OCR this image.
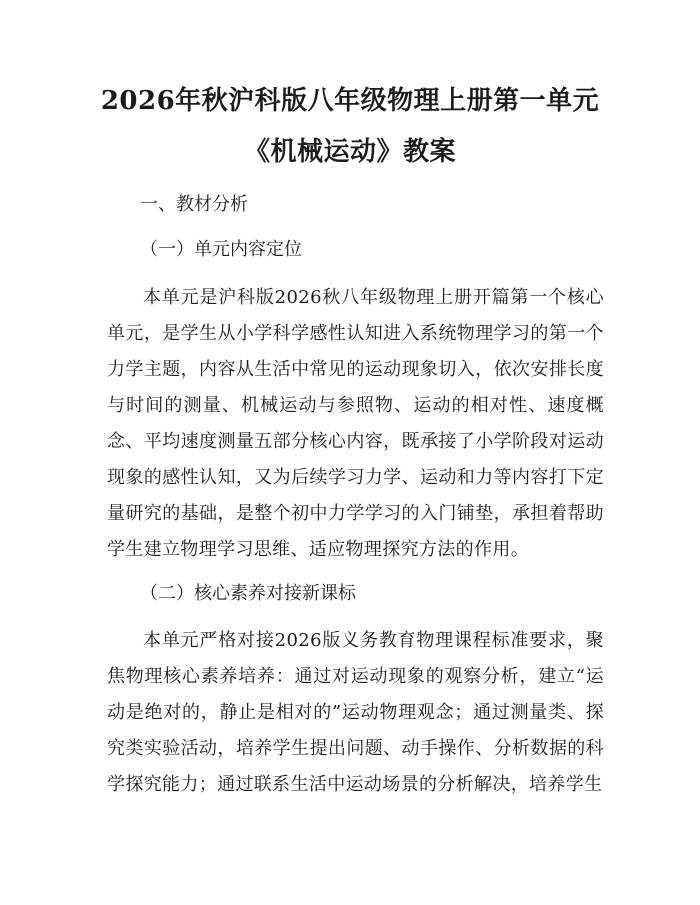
2026年秋沪科版八年级物理上册第一单元
《机械运动》教案
一、教材分析
（一）单元内容定位

本单元是沪科版2026秋八年级物理上册开篇第一个核心单元，是学生从小学科学感性认知进入系统物理学习的第一个力学主题，内容从生活中常见的运动现象切入，依次安排长度与时间的测量、机械运动与参照物、运动的相对性、速度概念、平均速度测量五部分核心内容，既承接了小学阶段对运动现象的感性认知，又为后续学习力学、运动和力等内容打下定量研究的基础，是整个初中力学学习的入门铺垫，承担着帮助学生建立物理学习思维、适应物理探究方法的作用。

（二）核心素养对接新课标

本单元严格对接2026版义务教育物理课程标准要求，聚焦物理核心素养培养：通过对运动现象的观察分析，建立“运动是绝对的，静止是相对的”运动物理观念；通过测量类、探究类实验活动，培养学生提出问题、动手操作、分析数据的科学探究能力；通过联系生活中运动场景的分析解决，培养学生
